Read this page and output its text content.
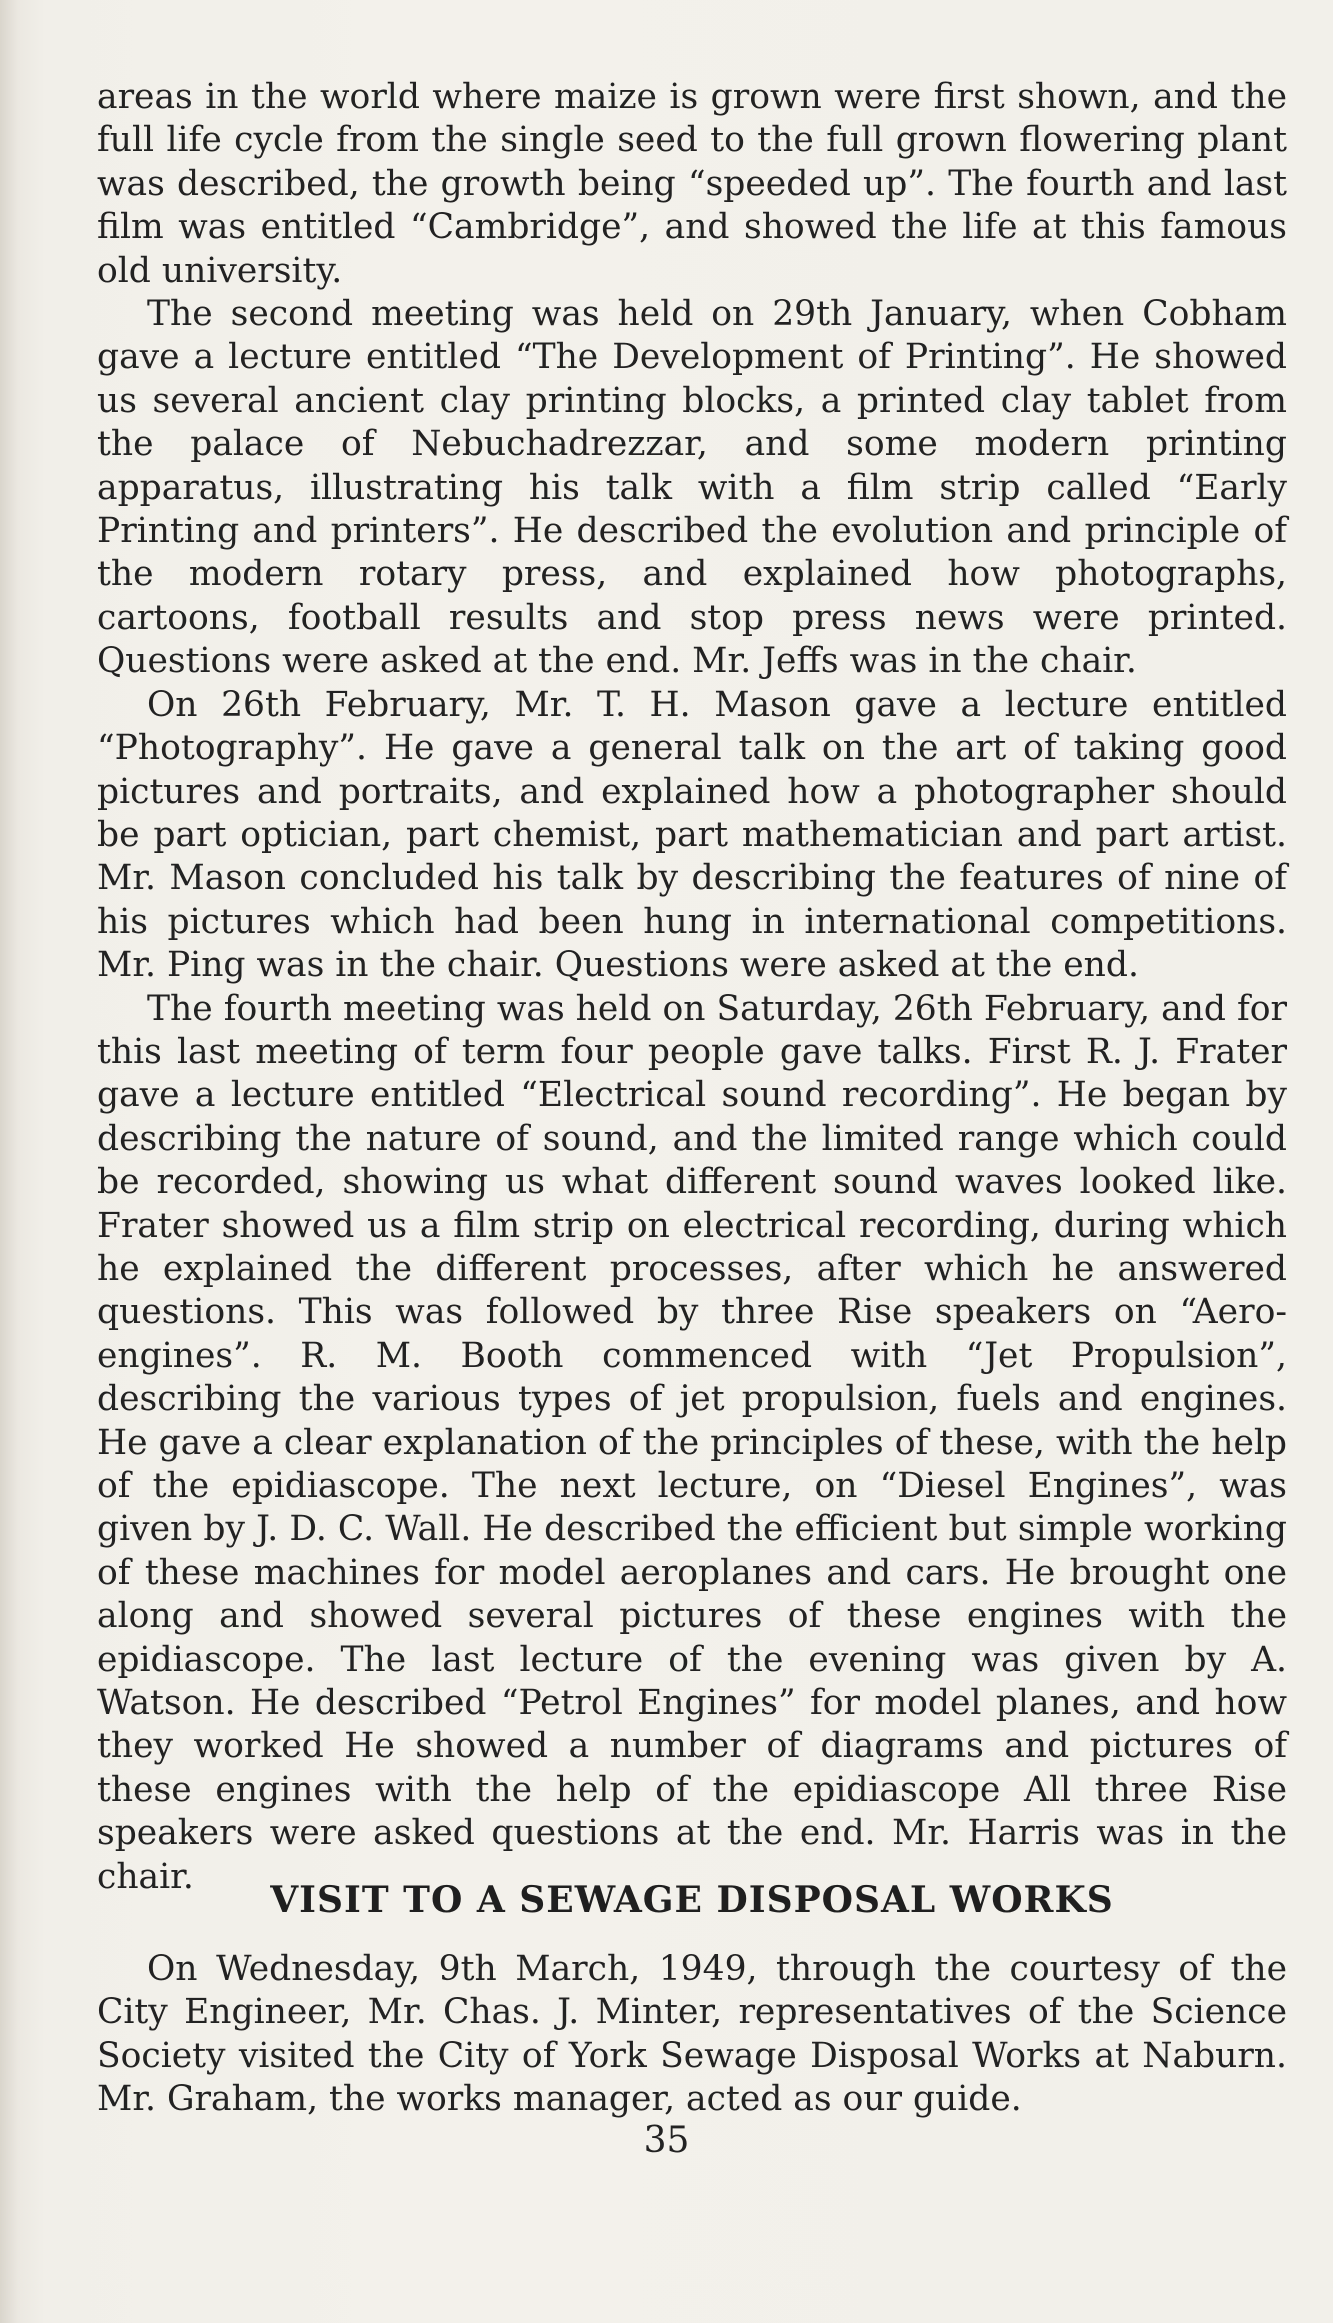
areas in the world where maize is grown were first shown, and the full life cycle from the single seed to the full grown flowering plant was described, the growth being “speeded up”. The fourth and last film was entitled “Cambridge”, and showed the life at this famous old university.

The second meeting was held on 29th January, when Cobham gave a lecture entitled “The Development of Printing”. He showed us several ancient clay printing blocks, a printed clay tablet from the palace of Nebuchadrezzar, and some modern printing apparatus, illustrating his talk with a film strip called “Early Printing and printers”. He described the evolution and principle of the modern rotary press, and explained how photographs, cartoons, football results and stop press news were printed. Questions were asked at the end. Mr. Jeffs was in the chair.

On 26th February, Mr. T. H. Mason gave a lecture entitled “Photography”. He gave a general talk on the art of taking good pictures and portraits, and explained how a photographer should be part optician, part chemist, part mathematician and part artist. Mr. Mason concluded his talk by describing the features of nine of his pictures which had been hung in international competitions. Mr. Ping was in the chair. Questions were asked at the end.

The fourth meeting was held on Saturday, 26th February, and for this last meeting of term four people gave talks. First R. J. Frater gave a lecture entitled “Electrical sound recording”. He began by describing the nature of sound, and the limited range which could be recorded, showing us what different sound waves looked like. Frater showed us a film strip on electrical recording, during which he explained the different processes, after which he answered questions. This was followed by three Rise speakers on “Aero-engines”. R. M. Booth commenced with “Jet Propulsion”, describing the various types of jet propulsion, fuels and engines. He gave a clear explanation of the principles of these, with the help of the epidiascope. The next lecture, on “Diesel Engines”, was given by J. D. C. Wall. He described the efficient but simple working of these machines for model aeroplanes and cars. He brought one along and showed several pictures of these engines with the epidiascope. The last lecture of the evening was given by A. Watson. He described “Petrol Engines” for model planes, and how they worked He showed a number of diagrams and pictures of these engines with the help of the epidiascope All three Rise speakers were asked questions at the end. Mr. Harris was in the chair.

VISIT TO A SEWAGE DISPOSAL WORKS

On Wednesday, 9th March, 1949, through the courtesy of the City Engineer, Mr. Chas. J. Minter, representatives of the Science Society visited the City of York Sewage Disposal Works at Naburn. Mr. Graham, the works manager, acted as our guide.

35
